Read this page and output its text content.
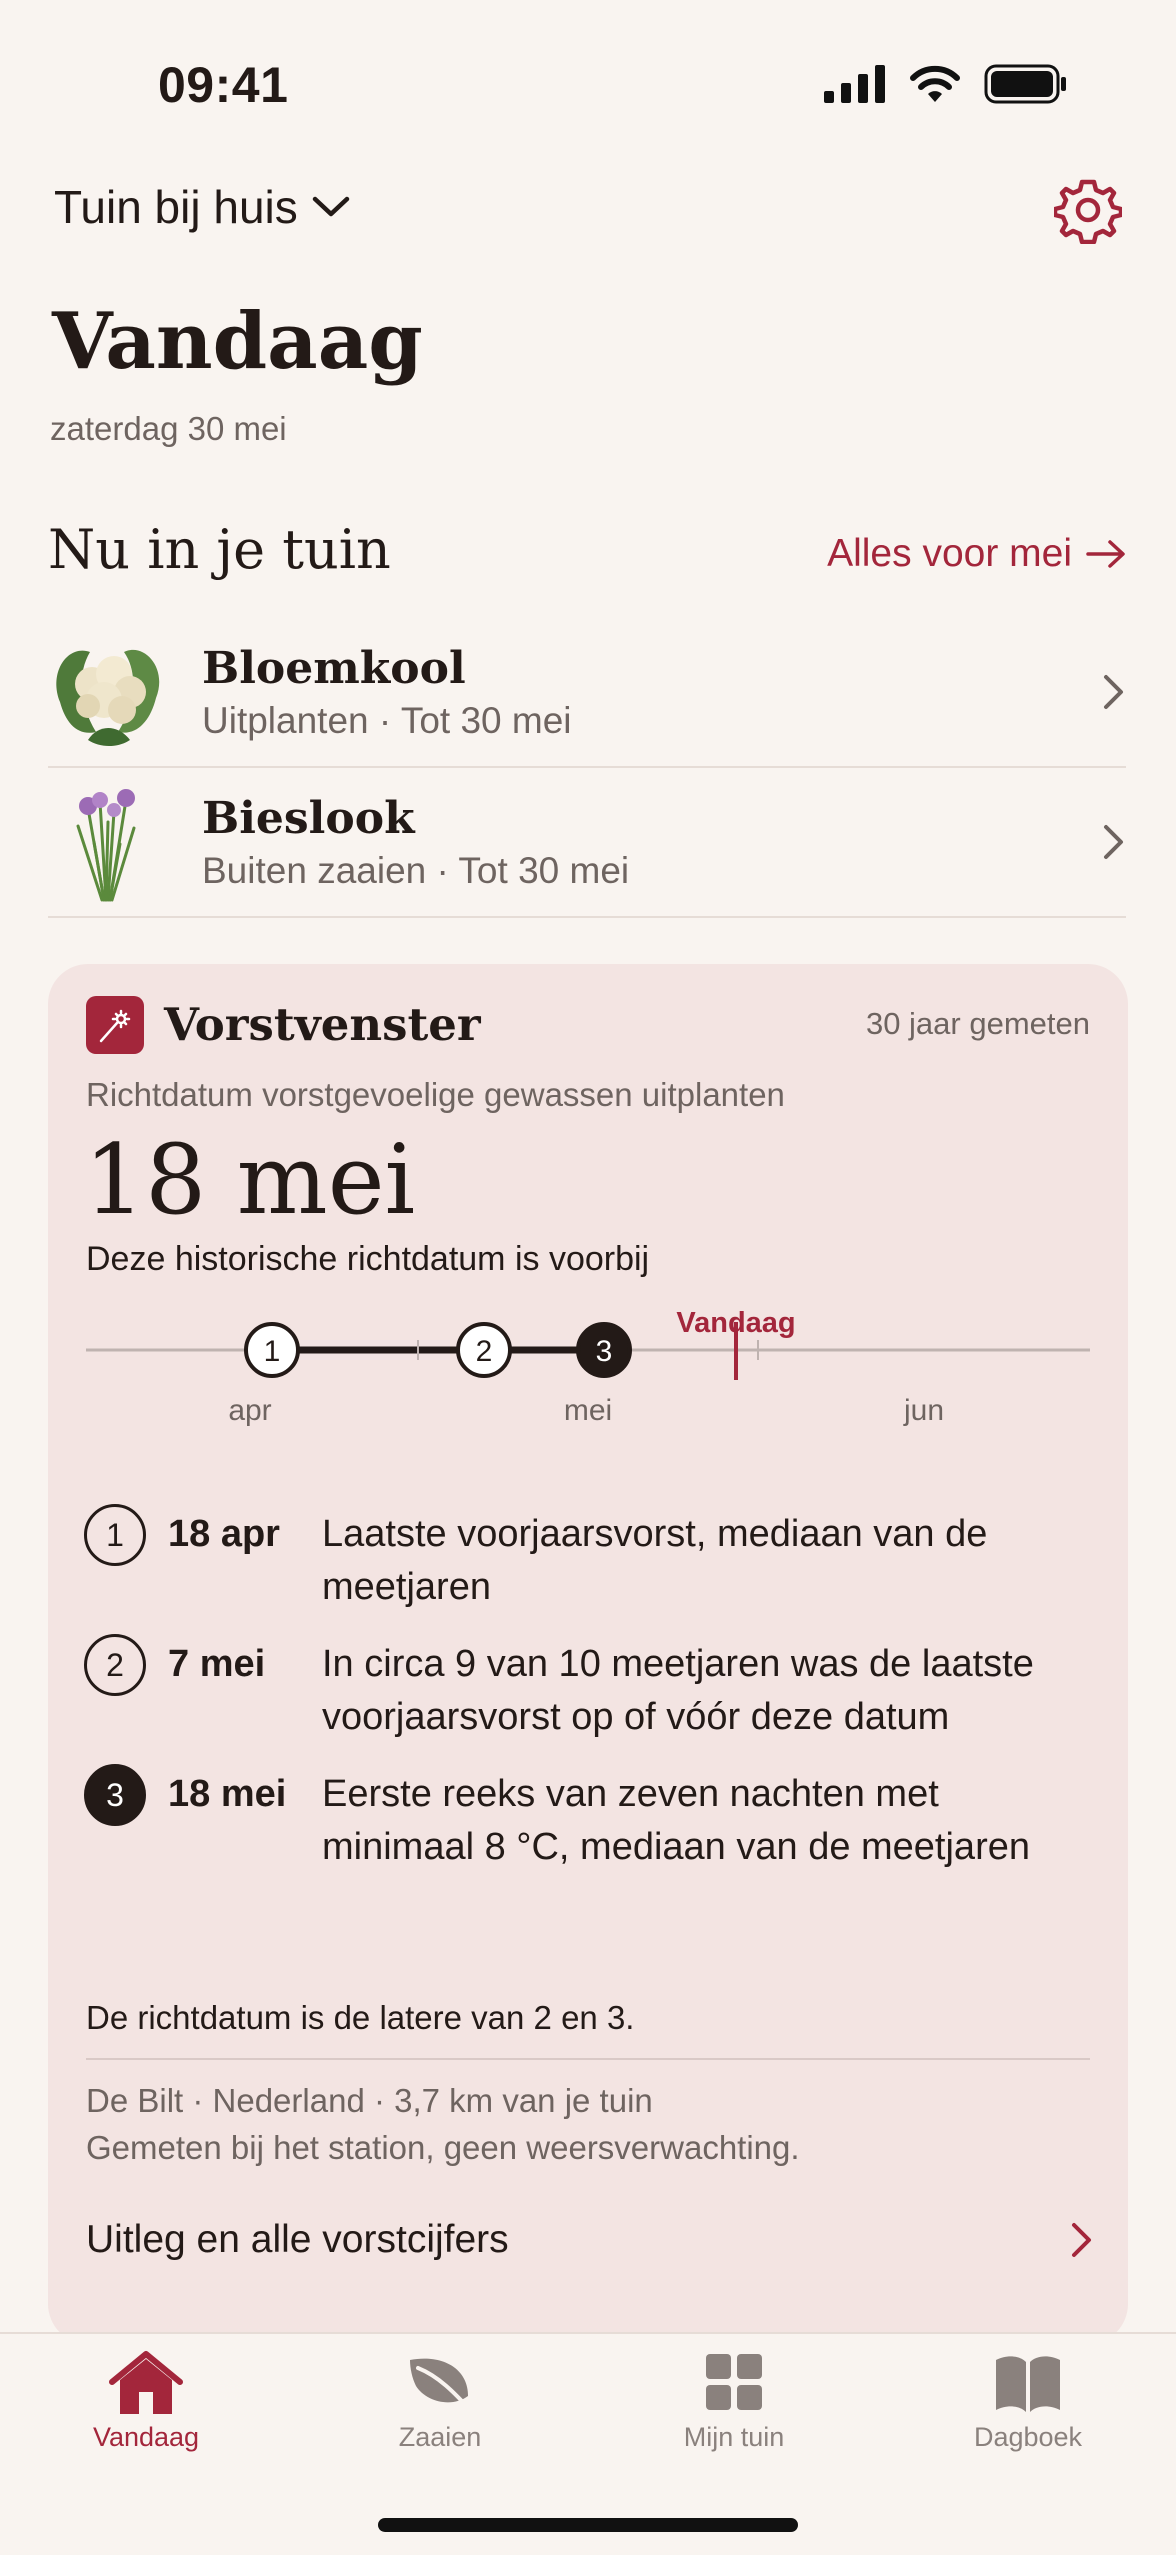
09:41
Tuin bij huis
Vandaag
zaterdag 30 mei
Nu in je tuin	Alles voor mei
Bloemkool
Uitplanten · Tot 30 mei
Bieslook
Buiten zaaien · Tot 30 mei
Vorstvenster	30 jaar gemeten
Richtdatum vorstgevoelige gewassen uitplanten
18 mei
Deze historische richtdatum is voorbij
Vandaag
1	2	3
apr	mei	jun
1	18 apr	Laatste voorjaarsvorst, mediaan van de meetjaren
2	7 mei	In circa 9 van 10 meetjaren was de laatste voorjaarsvorst op of vóór deze datum
3	18 mei Eerste reeks van zeven nachten met minimaal 8 °C, mediaan van de meetjaren
De richtdatum is de latere van 2 en 3.
De Bilt · Nederland · 3,7 km van je tuin
Gemeten bij het station, geen weersverwachting.
Uitleg en alle vorstcijfers
Vandaag	Zaaien	Mijn tuin	Dagboek
